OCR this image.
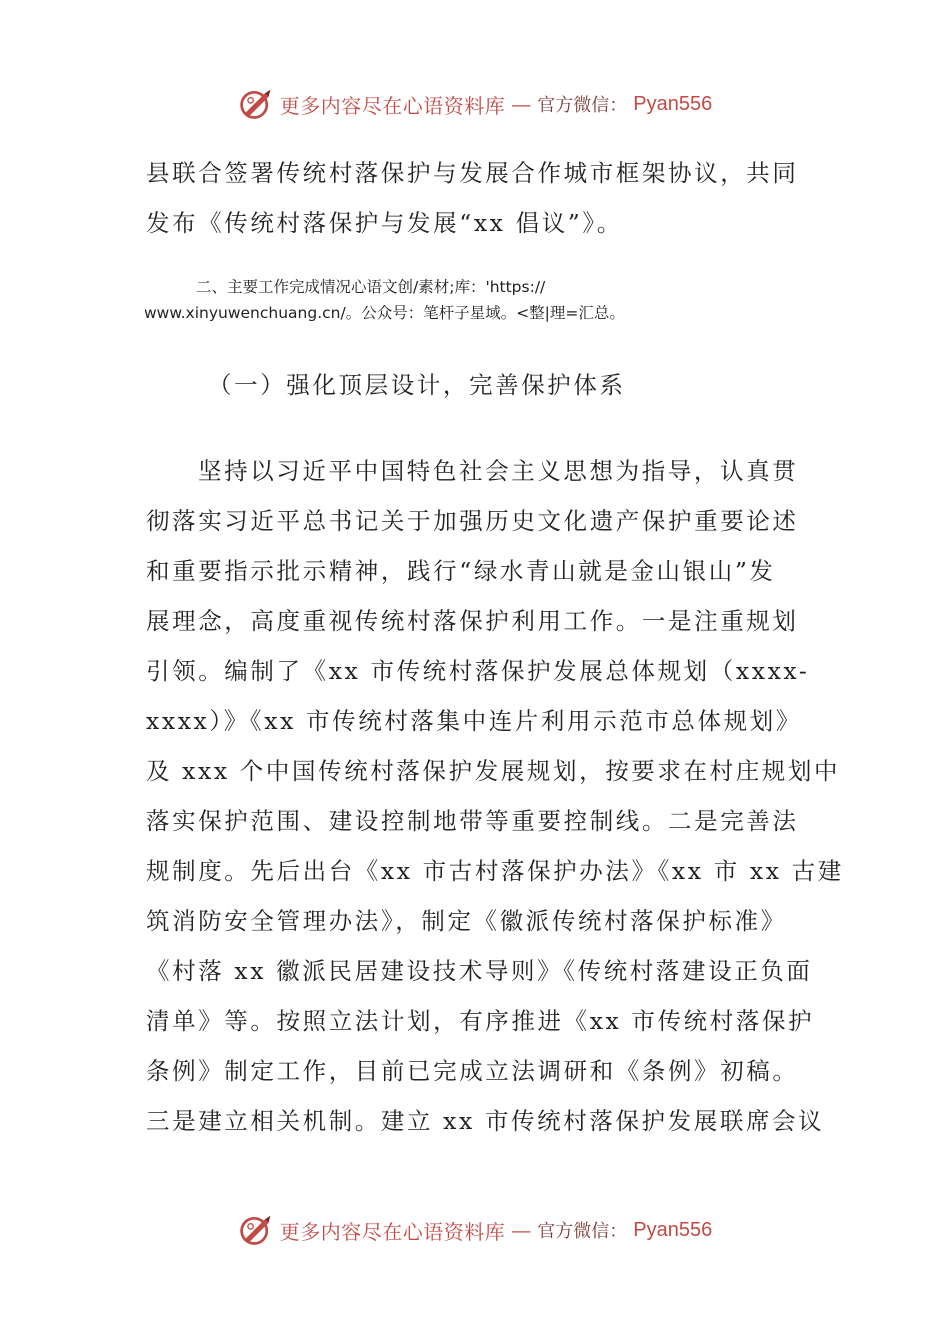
更多内容尽在心语资料库 — 官方微信： Pyan556
县联合签署传统村落保护与发展合作城市框架协议，共同
发布《传统村落保护与发展“xx 倡议”》。
二、主要工作完成情况心语文创/素材;库：'https://
www.xinyuwenchuang.cn/。公众号：笔杆子星域。<整|理=汇总。
（一）强化顶层设计，完善保护体系
坚持以习近平中国特色社会主义思想为指导，认真贯
彻落实习近平总书记关于加强历史文化遗产保护重要论述
和重要指示批示精神，践行“绿水青山就是金山银山”发
展理念，高度重视传统村落保护利用工作。一是注重规划
引领。编制了《xx 市传统村落保护发展总体规划（xxxx-
xxxx）》《xx 市传统村落集中连片利用示范市总体规划》
及 xxx 个中国传统村落保护发展规划，按要求在村庄规划中
落实保护范围、建设控制地带等重要控制线。二是完善法
规制度。先后出台《xx 市古村落保护办法》《xx 市 xx 古建
筑消防安全管理办法》，制定《徽派传统村落保护标准》
《村落 xx 徽派民居建设技术导则》《传统村落建设正负面
清单》等。按照立法计划，有序推进《xx 市传统村落保护
条例》制定工作，目前已完成立法调研和《条例》初稿。
三是建立相关机制。建立 xx 市传统村落保护发展联席会议
更多内容尽在心语资料库 — 官方微信： Pyan556
